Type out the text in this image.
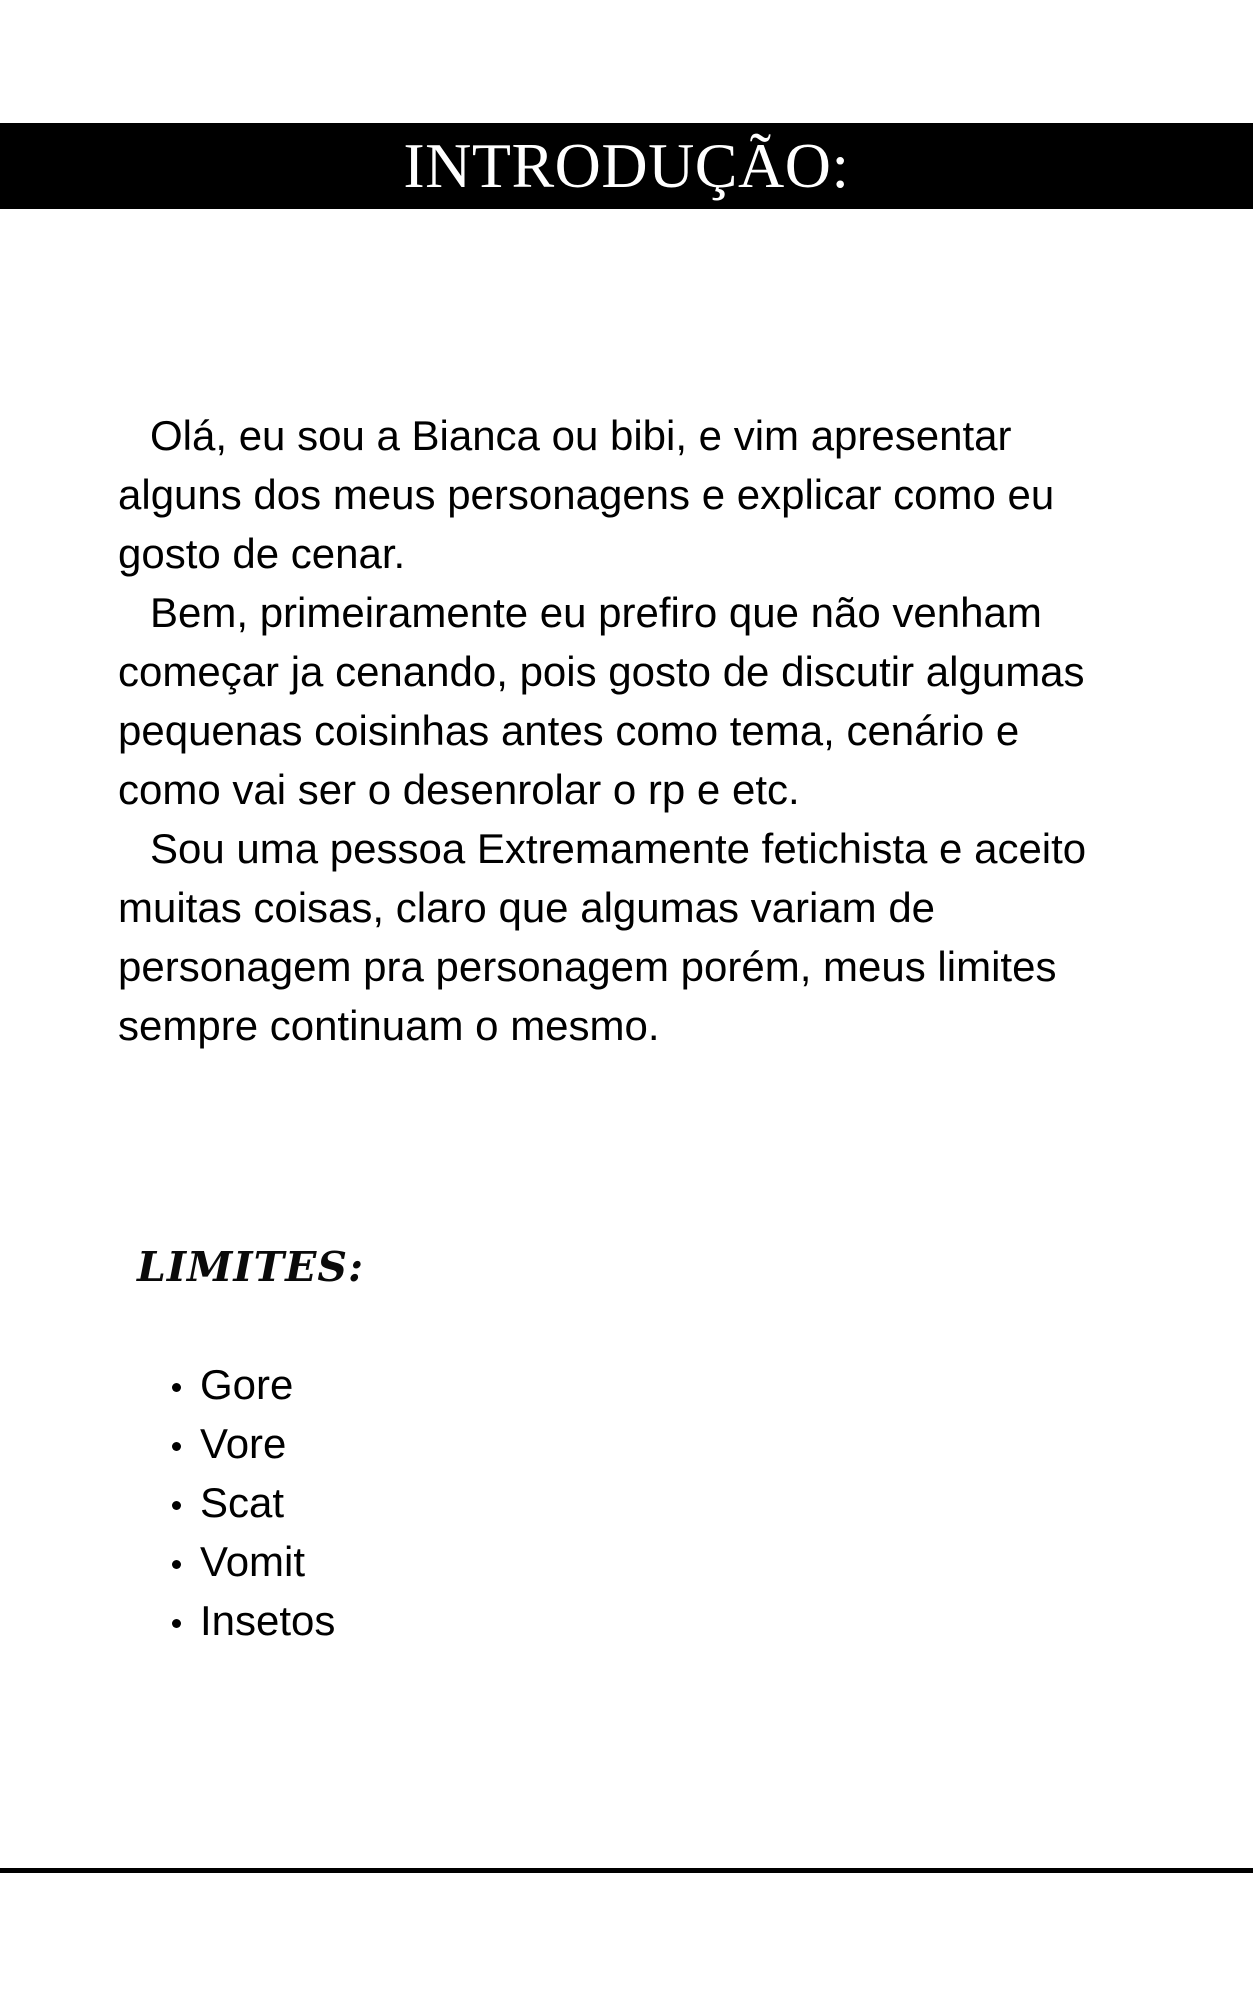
INTRODUÇÃO:
Olá, eu sou a Bianca ou bibi, e vim apresentar
alguns dos meus personagens e explicar como eu
gosto de cenar.
Bem, primeiramente eu prefiro que não venham
começar ja cenando, pois gosto de discutir algumas
pequenas coisinhas antes como tema, cenário e
como vai ser o desenrolar o rp e etc.
Sou uma pessoa Extremamente fetichista e aceito
muitas coisas, claro que algumas variam de
personagem pra personagem porém, meus limites
sempre continuam o mesmo.
LIMITES:
Gore
Vore
Scat
Vomit
Insetos
